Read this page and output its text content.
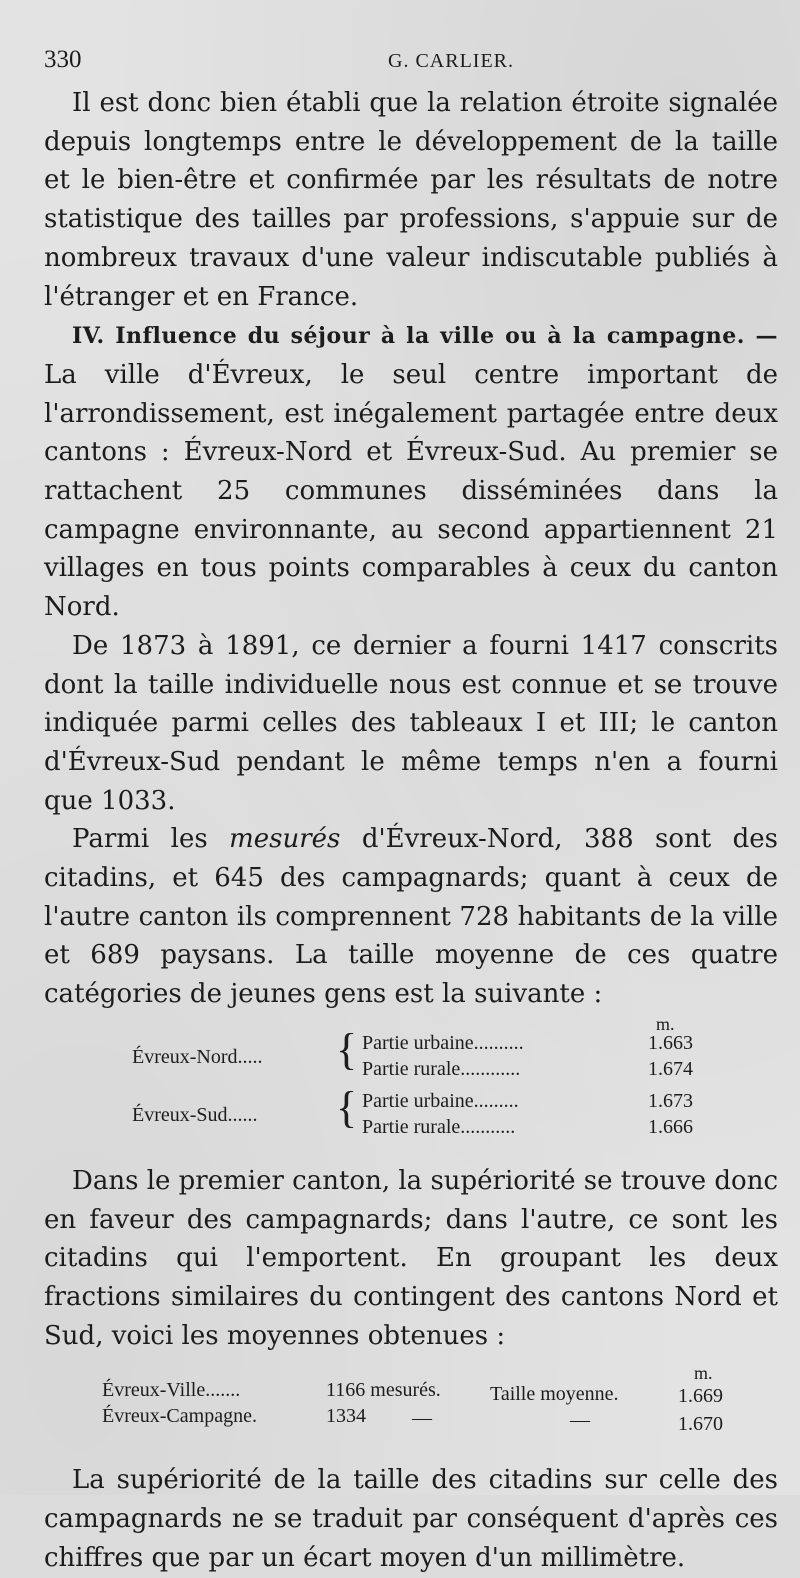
330	G. CARLIER.

Il est donc bien établi que la relation étroite signalée depuis longtemps entre le développement de la taille et le bien-être et confirmée par les résultats de notre statistique des tailles par professions, s'appuie sur de nombreux travaux d'une valeur indiscutable publiés à l'étranger et en France.

IV. Influence du séjour à la ville ou à la campagne. — La ville d'Évreux, le seul centre important de l'arrondissement, est inégalement partagée entre deux cantons : Évreux-Nord et Évreux-Sud. Au premier se rattachent 25 communes disséminées dans la campagne environnante, au second appartiennent 21 villages en tous points comparables à ceux du canton Nord.

De 1873 à 1891, ce dernier a fourni 1417 conscrits dont la taille individuelle nous est connue et se trouve indiquée parmi celles des tableaux I et III; le canton d'Évreux-Sud pendant le même temps n'en a fourni que 1033.

Parmi les mesurés d'Évreux-Nord, 388 sont des citadins, et 645 des campagnards; quant à ceux de l'autre canton ils comprennent 728 habitants de la ville et 689 paysans. La taille moyenne de ces quatre catégories de jeunes gens est la suivante :

m.
Évreux-Nord..... { Partie urbaine..........	1.663
Partie rurale............	1.674
Évreux-Sud...... { Partie urbaine.........	1.673
Partie rurale...........	1.666

Dans le premier canton, la supériorité se trouve donc en faveur des campagnards; dans l'autre, ce sont les citadins qui l'emportent. En groupant les deux fractions similaires du contingent des cantons Nord et Sud, voici les moyennes obtenues :

m.
Évreux-Ville.......	1166 mesurés. Taille moyenne.	1.669
Évreux-Campagne.	1334 —	—	1.670

La supériorité de la taille des citadins sur celle des campagnards ne se traduit par conséquent d'après ces chiffres que par un écart moyen d'un millimètre.
